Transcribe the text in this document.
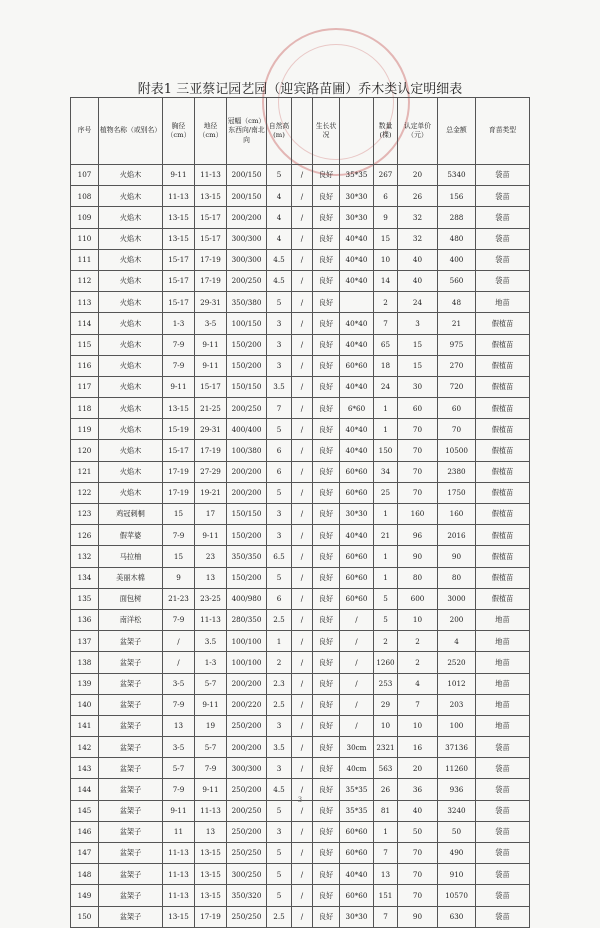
附表1 三亚蔡记园艺园（迎宾路苗圃）乔木类认定明细表
序号	植物名称（或别名）	胸径（cm）	地径（cm）	冠幅（cm）东西向/南北向	自然高(m)		生长状况		数量(棵)	认定单价（元）	总金额	育苗类型
107	火焰木	9-11	11-13	200/150	5	/	良好	35*35	267	20	5340	袋苗
108	火焰木	11-13	13-15	200/150	4	/	良好	30*30	6	26	156	袋苗
109	火焰木	13-15	15-17	200/200	4	/	良好	30*30	9	32	288	袋苗
110	火焰木	13-15	15-17	300/300	4	/	良好	40*40	15	32	480	袋苗
111	火焰木	15-17	17-19	300/300	4.5	/	良好	40*40	10	40	400	袋苗
112	火焰木	15-17	17-19	200/250	4.5	/	良好	40*40	14	40	560	袋苗
113	火焰木	15-17	29-31	350/380	5	/	良好		2	24	48	地苗
114	火焰木	1-3	3-5	100/150	3	/	良好	40*40	7	3	21	假植苗
115	火焰木	7-9	9-11	150/200	3	/	良好	40*40	65	15	975	假植苗
116	火焰木	7-9	9-11	150/200	3	/	良好	60*60	18	15	270	假植苗
117	火焰木	9-11	15-17	150/150	3.5	/	良好	40*40	24	30	720	假植苗
118	火焰木	13-15	21-25	200/250	7	/	良好	6*60	1	60	60	假植苗
119	火焰木	15-19	29-31	400/400	5	/	良好	40*40	1	70	70	假植苗
120	火焰木	15-17	17-19	100/380	6	/	良好	40*40	150	70	10500	假植苗
121	火焰木	17-19	27-29	200/200	6	/	良好	60*60	34	70	2380	假植苗
122	火焰木	17-19	19-21	200/200	5	/	良好	60*60	25	70	1750	假植苗
123	鸡冠刺桐	15	17	150/150	3	/	良好	30*30	1	160	160	假植苗
126	假苹婆	7-9	9-11	150/200	3	/	良好	40*40	21	96	2016	假植苗
132	马拉柚	15	23	350/350	6.5	/	良好	60*60	1	90	90	假植苗
134	美丽木棉	9	13	150/200	5	/	良好	60*60	1	80	80	假植苗
135	面包树	21-23	23-25	400/980	6	/	良好	60*60	5	600	3000	假植苗
136	南洋松	7-9	11-13	280/350	2.5	/	良好	/	5	10	200	地苗
137	盆架子	/	3.5	100/100	1	/	良好	/	2	2	4	地苗
138	盆架子	/	1-3	100/100	2	/	良好	/	1260	2	2520	地苗
139	盆架子	3-5	5-7	200/200	2.3	/	良好	/	253	4	1012	地苗
140	盆架子	7-9	9-11	200/220	2.5	/	良好	/	29	7	203	地苗
141	盆架子	13	19	250/200	3	/	良好	/	10	10	100	地苗
142	盆架子	3-5	5-7	200/200	3.5	/	良好	30cm	2321	16	37136	袋苗
143	盆架子	5-7	7-9	300/300	3	/	良好	40cm	563	20	11260	袋苗
144	盆架子	7-9	9-11	250/200	4.5	/	良好	35*35	26	36	936	袋苗
145	盆架子	9-11	11-13	200/250	5	/	良好	35*35	81	40	3240	袋苗
146	盆架子	11	13	250/200	3	/	良好	60*60	1	50	50	袋苗
147	盆架子	11-13	13-15	250/250	5	/	良好	60*60	7	70	490	袋苗
148	盆架子	11-13	13-15	300/250	5	/	良好	40*40	13	70	910	袋苗
149	盆架子	11-13	13-15	350/320	5	/	良好	60*60	151	70	10570	袋苗
150	盆架子	13-15	17-19	250/250	2.5	/	良好	30*30	7	90	630	袋苗
3
